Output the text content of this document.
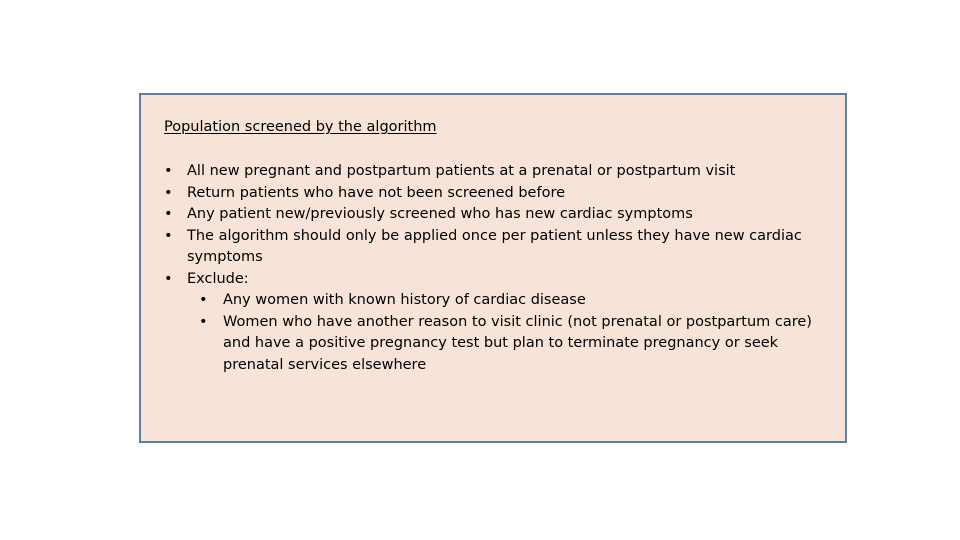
Population screened by the algorithm
• All new pregnant and postpartum patients at a prenatal or postpartum visit
• Return patients who have not been screened before
• Any patient new/previously screened who has new cardiac symptoms
• The algorithm should only be applied once per patient unless they have new cardiac symptoms
• Exclude:
• Any women with known history of cardiac disease
• Women who have another reason to visit clinic (not prenatal or postpartum care) and have a positive pregnancy test but plan to terminate pregnancy or seek prenatal services elsewhere
